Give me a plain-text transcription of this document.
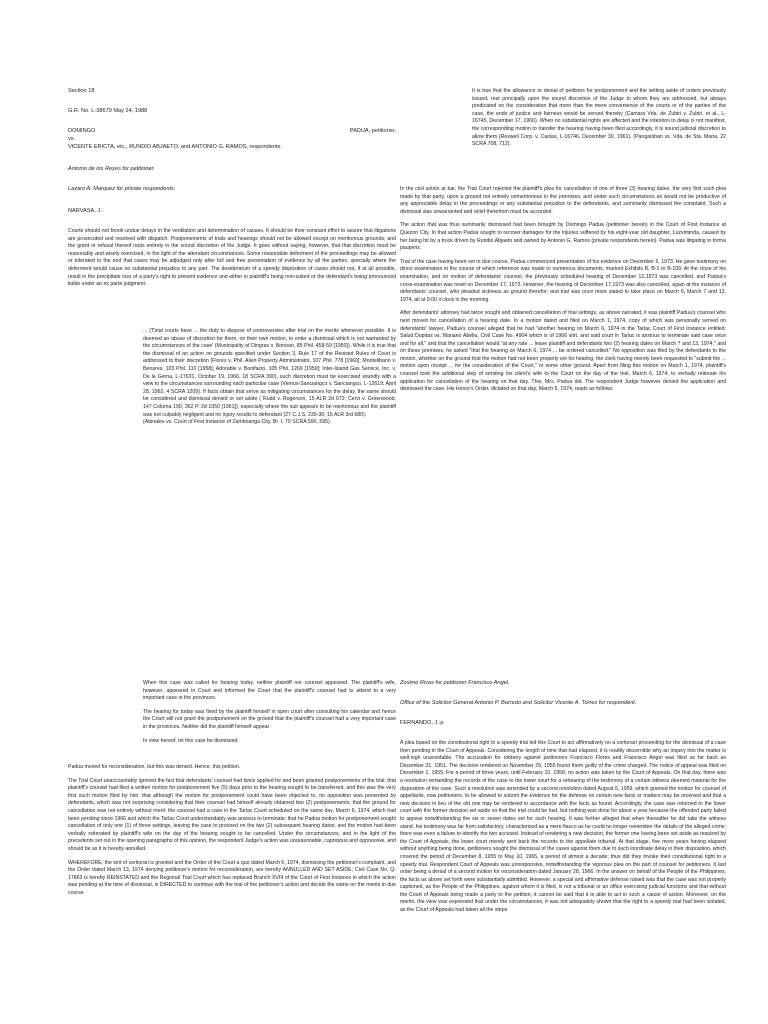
Section 18
G.R. No. L-38679 May 24, 1988
DOMINGO	PADUA, petitioner,
vs.
VICENTE ERICTA, etc., RUNDIO ABJAETO, and ANTONIO G. RAMOS, respondents.
Antonio de los Reyes for petitioner.
Lazaro A. Marquez for private respondents.
NARVASA, J.:

Courts should not brook undue delays in the ventilation and determination of causes. It should be their constant effort to assure that litigations are prosecuted and resolved with dispatch. Postponements of trials and hearings should not be allowed except on meritorious grounds; and the grant or refusal thereof rests entirely in the sound discretion of the Judge. It goes without saying, however, that that discretion must be reasonably and wisely exercised, in the light of the attendant circumstances. Some reasonable deferment of the proceedings may be allowed or tolerated to the end that cases may be adjudged only after full and free presentation of evidence by all the parties, specially where the deferment would cause no substantial prejudice to any part. The desideratum of a speedy disposition of cases should not, if at all possible, result in the precipitate loss of a party's right to present evidence and either in plaintiff's being non-suited or the defendant's being pronounced liable under an ex parte judgment.

... (T)rial courts have ... the duty to dispose of controversies after trial on the merits whenever possible. It is deemed an abuse of discretion for them, on their own motion, to enter a dismissal which is not warranted by the circumstances of the case' (Municipality of Dingras v. Bonoan, 85 Phil. 458-59 [1950]). While it is true that the dismissal of an action on grounds specified under Section 3, Rule 17 of the Revised Rules of Court is addressed to their discretion (Flores v. Phil. Alien Property Administrator, 107 Phil. 778 [1960]; Montelibano v. Benares, 103 Phil. 110 [1958]; Adorable v. Bonifacio, 105 Phil. 1269 [1959]; Inter-Island Gas Service, Inc. v. De la Gerna, L-17631, October 19, 1966, 18 SCRA 390), such discretion must be exercised soundly with a view to the circumstances surrounding each particular case (Vernus-Sanciangco v. Sanciangco, L-12619, April 28, 1962, 4 SCRA 1209). If facts obtain that serve as mitigating circumstances for the delay, the same should be considered and dismissal denied or set aside ( Rudd v. Rogerson, 15 ALR 2d 672; Cervi v. Greenwood, 147 Colorna 190, 362 P. 2d 1050 [1961]), especially where the suit appears to be meritorious and the plaintiff was not culpably negligent and no injury results to defendant (27 C.J.S. 235-36; 15 ALR 3rd 680).

(Abinales vs. Court of First Instance of Zamboanga City, Br. I, 70 SCRA 590, 595).

It is true that the allowance or denial of petitions for postponement and the setting aside of orders previously issued, rest principally upon the sound discretion of the Judge to whom they are addressed, but always predicated on the consideration that more than the mere convenience of the courts or of the parties of the case, the ends of justice and fairness would be served thereby (Camara Vda. de Zubiri v. Zubiri, et al., L-16745, December 17, 1966). When no substantial rights are affected and the intention to delay is not manifest, the corresponding motion to transfer the hearing having been filed accordingly, it is sound judicial discretion to allow them (Rexwell Corp. v. Canlas, L-16746, December 30, 1961). (Panganiban vs. Vda. de Sta. Maria, 22 SCRA 708, 712).

In the civil action at bar, the Trial Court rejected the plaintiff's plea for cancellation of one of three (3) hearing dates, the very first such plea made by that party, upon a ground not entirely unmeritorious in the premises, and under such circumstances as would not be productive of any appreciable delay in the proceedings or any substantial prejudice to the defendants, and summarily dismissed the complaint. Such a dismissal was unwarranted and relief therefrom must be accorded.

The action that was thus summarily dismissed had been brought by Domingo Padua (petitioner herein) in the Court of First Instance at Quezon City. In that action Padua sought to recover damages for the injuries suffered by his eight-year old daughter, Luzviminda, caused by her being hit by a truck driven by Rundio Abjaeto and owned by Antonio G. Ramos (private respondents herein). Padua was litigating in forma pauperis.

Trial of the case having been set in due course, Padua commenced presentation of his evidence on December 6, 1973. He gave testimony on direct examination in the course of which reference was made to numerous documents, marked Exhibits B, B-1 to B-109. At the close of his examination, and on motion of defendants' counsel, the previously scheduled hearing of December 12,1973 was cancelled, and Padua's cross-examination was reset on December 17, 1973. However, the hearing of December 17,1973 was also cancelled, again at the instance of defendants' counsel, who pleaded sickness as ground therefor; and trial was once more slated to take place on March 6, March 7 and 13, 1974, all at 9:00 o'clock in the morning.

After defendants' attorney had twice sought and obtained cancellation of trial settings, as above narrated, it was plaintiff Padua's counsel who next moved for cancellation of a hearing date. In a motion dated and filed on March 1, 1974, copy of which was personally served on defendants' lawyer, Padua's counsel alleged that he had "another hearing on March 6, 1974 in the Tarlac Court of First Instance entitled: Salud Dupitas vs. Mariano Abella, Civil Case No. 4904 which is of 1966 slirt, and said court in Tarlac is anxious to terminate said case once and for all," and that the cancellation would "at any rate ... leave plaintiff and defendants two (2) hearing dates on March 7 and 13, 1974," and on these premises, he asked "that the hearing on March 6, 1974 ... be ordered cancelled." No opposition was filed by the defendants to the motion, whether on the ground that the motion had not been properly set for hearing, the clerk having merely been requested to "submit the ... motion upon receipt ... for the consideration of the Court," or some other ground. Apart from filing this motion on March 1, 1974, plaintiff's counsel took the additional step of sending his client's wife to the Court on the day of the trial, March 6, 1974, to verbally reiterate his application for cancellation of the hearing on that day. This, Mrs. Padua did. The respondent Judge however denied the application and dismissed the case. His Honor's Order, dictated on that day, March 6, 1974, reads as follows:

When this case was called for hearing today, neither plaintiff nor counsel appeared. The plaintiff's wife, however, appeared in Court and informed the Court that the plaintiff's counsel had to attend to a very important case in the provinces.

The hearing for today was fixed by the plaintiff himself in open court after consulting his calendar and hence the Court will not grant the postponement on the ground that the plaintiff's counsel had a very important case in the provinces. Neither did the plaintiff himself appear.

In view hereof, let this case be dismissed.

Padua moved for reconsideration, but this was denied. Hence, this petition.

The Trial Court unaccountably ignored the fact that defendants' counsel had twice applied for and been granted postponements of the trial; that plaintiff's counsel had filed a written motion for postponement five (5) days prior to the hearing sought to be transferred, and this was the very first such motion filed by him; that although the motion for postponement could have been objected to, no opposition was presented by defendants, which was not surprising considering that their counsel had himself already obtained two (2) postponements; that the ground for cancellation was not entirely without merit: the counsel had a case in the Tarlac Court scheduled on the same day, March 6, 1974, which had been pending since 1966 and which the Tarlac Court understandably was anxious to terminate; that he Padua motion for postponement sought cancellation of only one (1) of three settings, leaving the case to proceed on the two (2) subsequent hearing dates; and the motion had been verbally reiterated by plaintiff's wife on the day of the hearing sought to be cancelled. Under the circumstances, and in the light of the precedents set out in the opening paragraphs of this opinion, the respondent Judge's action was unreasonable, capricious and oppressive, and should be as it is hereby annulled.

WHEREFORE, the writ of certiorari is granted and the Order of the Court a quo dated March 6, 1974, dismissing the petitioner's complaint, and the Order dated March 13, 1974 denying petitioner's motion for reconsideration, are hereby ANNULLED AND SET ASIDE; Civil Case No. Q-17863 is hereby REINSTATED and the Regional Trial Court which has replaced Branch XVIII of the Court of First Instance in which the action was pending at the time of dismissal, is DIRECTED to continue with the trial of the petitioner's action and decide the same on the merits in due course.

Zosimo Rivas for petitioner Francisco Angel.
Office of the Solicitor General Antonio P. Barredo and Solicitor Vicente A. Torres for respondent.
FERNANDO, J.:p

A plea based on the constitutional right to a speedy trial led this Court to act affirmatively on a certiorari proceeding for the dismissal of a case then pending in the Court of Appeals. Considering the length of time that had elapsed, it is readily discernible why an inquiry into the matter is well-nigh unavoidable. The accusation for robbery against petitioners Francisco Flores and Francisco Angel was filed as far back as December 31, 1951. The decision rendered on November 29, 1955 found them guilty of the crime charged. The notice of appeal was filed on December 1, 1955. For a period of three years, until February 10, 1958, no action was taken by the Court of Appeals. On that day, there was a resolution remanding the records of the case to the lower court for a rehearing of the testimony of a certain witness deemed material for the disposition of the case. Such a resolution was amended by a second resolution dated August 5, 1959, which granted the motion for counsel of appellants, now petitioners, to be allowed to submit the evidence for the defense on certain new facts or matters may be received and that a new decision in lieu of the old one may be rendered in accordance with the facts as found. Accordingly, the case was returned to the lower court with the former decision set aside so that the trial could be had, but nothing was done for about a year because the offended party failed to appear notwithstanding the six or seven dates set for such hearing. It was further alleged that when thereafter he did take the witness stand, his testimony was far from satisfactory, characterized as a mere fiasco as he could no longer remember the details of the alleged crime; there was even a failure to identify the two accused. Instead of rendering a new decision, the former one having been set aside as required by the Court of Appeals, the lower court merely sent back the records to the appellate tribunal. At that stage, five more years having elapsed without anything being done, petitioners sought the dismissal of the cases against them due to such inordinate delay in their disposition, which covered the period of December 8, 1955 to May 10, 1965, a period of almost a decade; thus did they invoke their constitutional right to a speedy trial. Respondent Court of Appeals was unresponsive, notwithstanding the vigorous plea on the part of counsel for petitioners. It last order being a denial of a second motion for reconsideration dated January 28, 1966. In the answer on behalf of the People of the Philippines, the facts as above set forth were substantially admitted. However, a special and affirmative defense raised was that the case was not properly captioned, as the People of the Philippines, against whom it is filed, is not a tribunal or an office exercising judicial functions and that without the Court of Appeals being made a party to the petition, it cannot be said that it is able to act in such a cause of action. Moreover, on the merits, the view was expressed that under the circumstances, it was not adequately shown that the right to a speedy trial had been violated, as the Court of Appeals had taken all the steps
